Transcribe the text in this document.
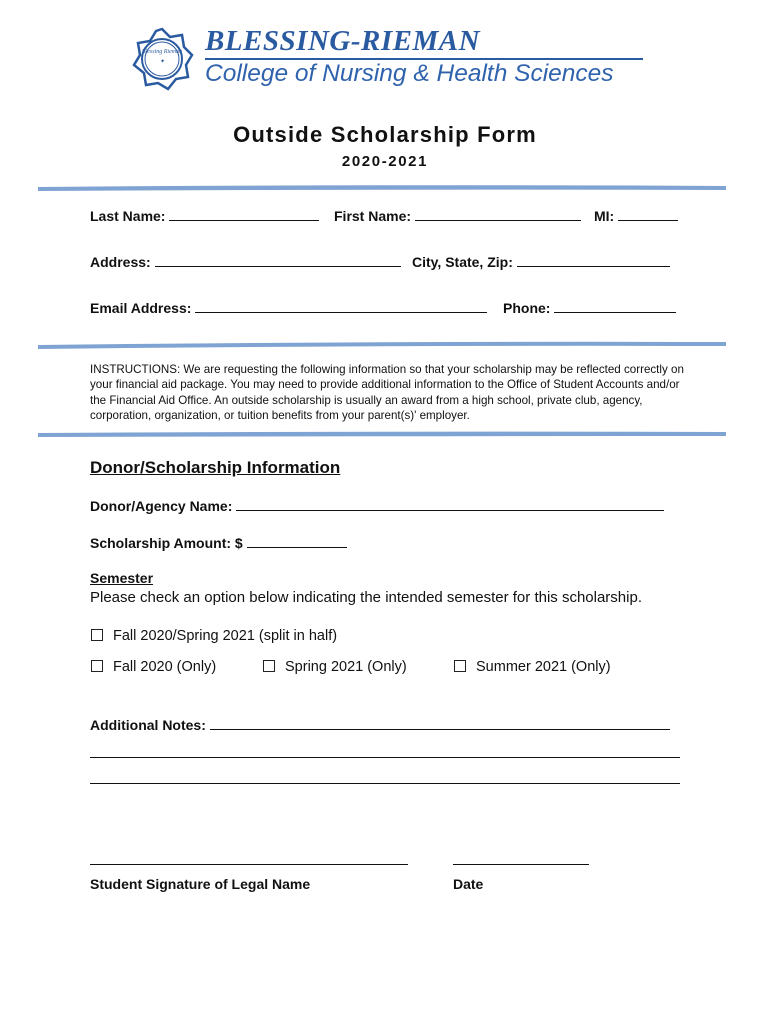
Blessing Rieman
✦
BLESSING-RIEMAN
College of Nursing & Health Sciences
Outside Scholarship Form
2020-2021
Last Name:	First Name:	MI:
Address:	City, State, Zip:
Email Address:	Phone:
INSTRUCTIONS: We are requesting the following information so that your scholarship may be reflected correctly on your financial aid package. You may need to provide additional information to the Office of Student Accounts and/or the Financial Aid Office. An outside scholarship is usually an award from a high school, private club, agency, corporation, organization, or tuition benefits from your parent(s)' employer.
Donor/Scholarship Information
Donor/Agency Name:
Scholarship Amount: $
Semester
Please check an option below indicating the intended semester for this scholarship.
Fall 2020/Spring 2021 (split in half)
Fall 2020 (Only)	Spring 2021 (Only)	Summer 2021 (Only)
Additional Notes:
Student Signature of Legal Name	Date
